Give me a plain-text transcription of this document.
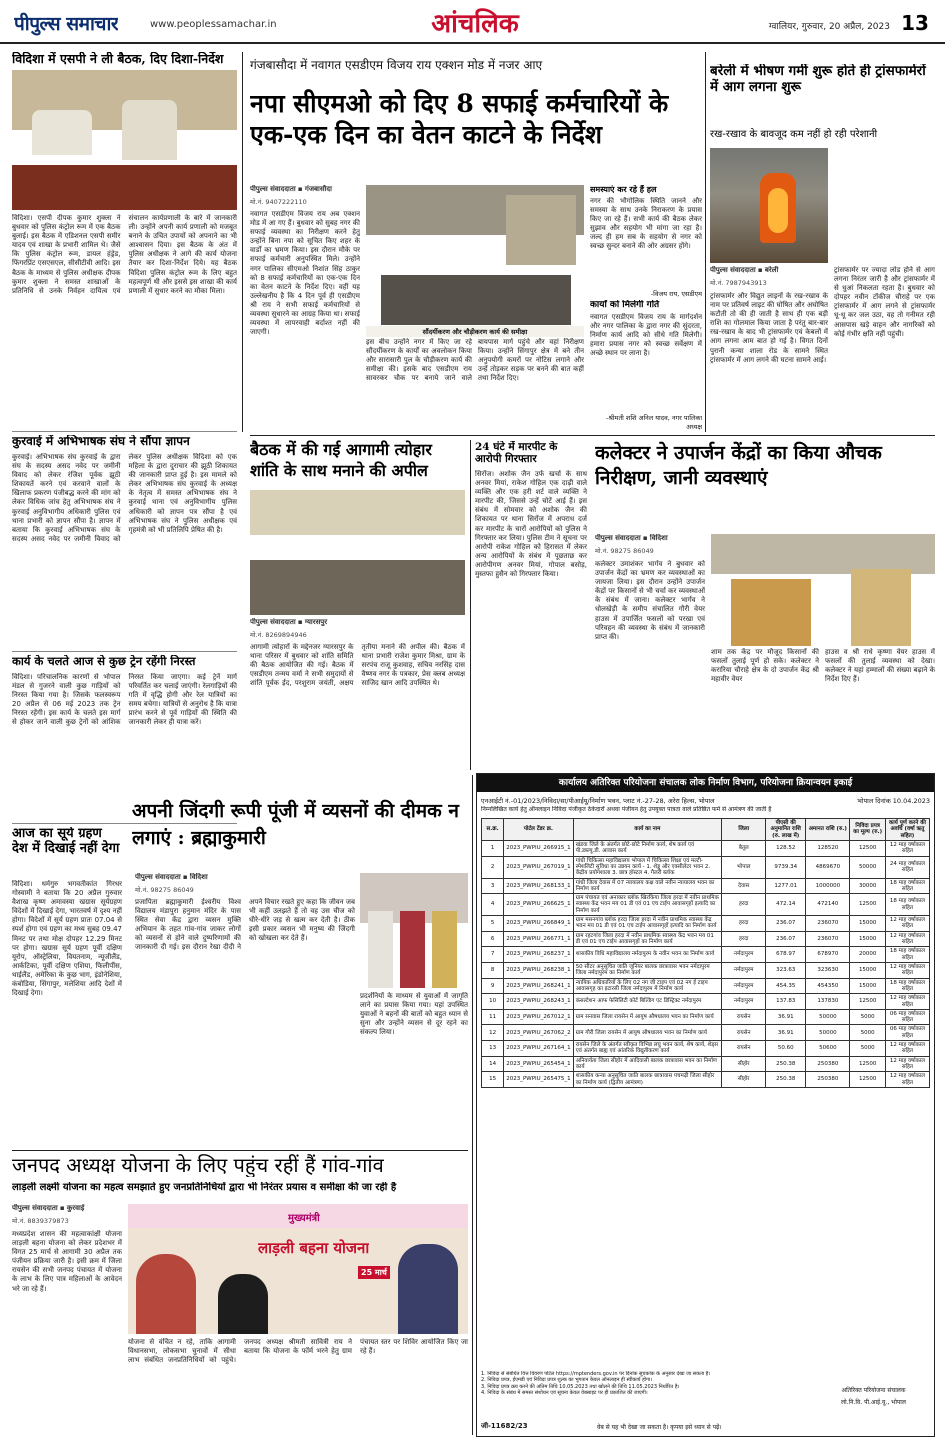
पीपुल्स समाचार	www.peoplessamachar.in	आंचलिक	ग्वालियर, गुरुवार, 20 अप्रैल, 2023 13
विदिशा में एसपी ने ली बैठक, दिए दिशा-निर्देश
विदिशा। एसपी दीपक कुमार शुक्ला ने बुधवार को पुलिस कंट्रोल रूम में एक बैठक बुलाई। इस बैठक में एडिशनल एसपी समीर यादव एवं शाखा के प्रभारी शामिल थे। जैसे कि पुलिस कंट्रोल रूम, डायल हंड्रेड, फिंगरप्रिंट एसएसएल, सीसीटीवी आदि। इस बैठक के माध्यम से पुलिस अधीक्षक दीपक कुमार शुक्ला ने समस्त शाखाओं के प्रतिनिधि से उनके निर्वहन दायित्व एवं संचालन कार्यप्रणाली के बारे में जानकारी ली। उन्होंने अपनी कार्य प्रणाली को मजबूत बनाने के उचित उपायों को अपनाने का भी आश्वासन दिया। इस बैठक के अंत में पुलिस अधीक्षक ने आगे की कार्य योजना तैयार कर दिशा-निर्देश दिये। यह बैठक विदिशा पुलिस कंट्रोल रूम के लिए बहुत महत्वपूर्ण थी और इससे इस शाखा की कार्य प्रणाली में सुधार करने का मौका मिला।
कुरवाई में अभिभाषक संघ ने सौंपा ज्ञापन
कुरवाई। अभिभाषक संघ कुरवाई के द्वारा संघ के सदस्य असद नवेद पर जमीनी विवाद को लेकर रंजिश पूर्वक झूठी शिकायतें करने एवं करवाने वालों के खिलाफ प्रकरण पंजीबद्ध करने की मांग को लेकर विधिक जांच हेतु अभिभाषक संघ ने कुरवाई अनुविभागीय अधिकारी पुलिस एवं थाना प्रभारी को ज्ञापन सौंपा है। ज्ञापन में बताया कि कुरवाई अभिभाषक संघ के सदस्य असद नवेद पर जमीनी विवाद को लेकर पुलिस अधीक्षक विदिशा को एक महिला के द्वारा दुराचार की झूठी शिकायत की जानकारी प्राप्त हुई है। इस मामले को लेकर अभिभाषक संघ कुरवाई के अध्यक्ष के नेतृत्व में समस्त अभिभाषक संघ ने कुरवाई थाना एवं अनुविभागीय पुलिस अधिकारी को ज्ञापन पत्र सौंपा है एवं अभिभाषक संघ ने पुलिस अधीक्षक एवं गृहमंत्री को भी प्रतिलिपि प्रेषित की है।
कार्य के चलते आज से कुछ ट्रेन रहेंगी निरस्त
विदिशा। परिचालनिक कारणों से भोपाल मंडल से गुजरने वाली कुछ गाड़ियों को निरस्त किया गया है। जिसके फलस्वरूप 20 अप्रैल से 06 मई 2023 तक ट्रेन निरस्त रहेंगी। इस कार्य के चलते इस मार्ग से होकर जाने वाली कुछ ट्रेनों को आंशिक निरस्त किया जाएगा। कई ट्रेनें मार्ग परिवर्तित कर चलाई जाएंगी। रेलगाड़ियों की गति में वृद्धि होगी और रेल यात्रियों का समय बचेगा। यात्रियों से अनुरोध है कि यात्रा प्रारंभ करने से पूर्व गाड़ियों की स्थिति की जानकारी लेकर ही यात्रा करें।
आज का सूर्य ग्रहण देश में दिखाई नहीं देगा
विदिशा। धर्मगुरु भगवतीकांत गिरधर गोस्वामी ने बताया कि 20 अप्रैल गुरुवार वैशाख कृष्ण अमावस्या खग्रास सूर्यग्रहण विदेशों में दिखाई देगा, भारतवर्ष में दृश्य नहीं होगा। विदेशों में सूर्य ग्रहण प्रातः 07.04 से स्पर्श होगा एवं ग्रहण का मध्य सुबह 09.47 मिनट पर तथा मोक्ष दोपहर 12.29 मिनट पर होगा। खग्रास सूर्य ग्रहण पूर्वी दक्षिण यूरोप, ऑस्ट्रेलिया, वियतनाम, न्यूजीलैंड, आर्कटिका, पूर्वी दक्षिण एशिया, फिलीपींस, थाईलैंड, अमेरिका के कुछ भाग, इंडोनेशिया, कंबोडिया, सिंगापुर, मलेशिया आदि देशों में दिखाई देगा।
गंजबासौदा में नवागत एसडीएम विजय राय एक्शन मोड में नजर आए
नपा सीएमओ को दिए 8 सफाई कर्मचारियों के एक-एक दिन का वेतन काटने के निर्देश
पीपुल्स संवाददाता ▪ गंजबासौदा
मो.नं. 9407222110
नवागत एसडीएम विजय राय अब एक्शन मोड में आ गए हैं। बुधवार को सुबह नगर की सफाई व्यवस्था का निरीक्षण करने हेतु उन्होंने बिना नपा को सूचित किए शहर के वार्डों का भ्रमण किया। इस दौरान मौके पर सफाई कर्मचारी अनुपस्थित मिले। उन्होंने नगर पालिका सीएमओ निशांत सिंह ठाकुर को 8 सफाई कर्मचारियों का एक-एक दिन का वेतन काटने के निर्देश दिए। वहीं यह उल्लेखनीय है कि 4 दिन पूर्व ही एसडीएम श्री राय ने सभी सफाई कर्मचारियों से व्यवस्था सुधारने का आग्रह किया था। सफाई व्यवस्था में लापरवाही बर्दाश्त नहीं की जाएगी।	सौंदर्यीकरण और चौड़ीकरण कार्य की समीक्षा
इस बीच उन्होंने नगर में किए जा रहे सौंदर्यीकरण के कार्यों का अवलोकन किया और सारासारी पुल के चौड़ीकरण कार्य की समीक्षा की। इसके बाद एसडीएम राय सावरकर चौक पर बनाये जाने वाले बायपास मार्ग पहुंचे और वहां निरीक्षण किया। उन्होंने सिंगापुर क्षेत्र में बने तीन अनुपयोगी कमरों पर नोटिस लगाने और उन्हें तोड़कर सड़क पर बनने की बात कहीं तथा निर्देश दिए।
समस्याएं कर रहे हैं हल
नगर की भौगोलिक स्थिति जानने और समस्या के साथ उनके निराकरण के प्रयास किए जा रहे हैं। सभी कार्य की बैठक लेकर सुझाव और सहयोग भी मांगा जा रहा है। जल्द ही हम सब के सहयोग से नगर को स्वच्छ सुन्दर बनाने की ओर अग्रसर होंगे।
-विजय राय, एसडीएम
कार्यों को मिलेगी गति
नवागत एसडीएम विजय राय के मार्गदर्शन और नगर पालिका के द्वारा नगर की सुंदरता, निर्माण कार्य आदि को सीधे गति मिलेगी। हमारा प्रयास नगर को स्वच्छ सर्वेक्षण में अच्छे स्थान पर लाना है।
-श्रीमती शशि अनिल यादव, नगर पालिका अध्यक्ष
बरेली में भीषण गर्मी शुरू होते ही ट्रांसफार्मरों में आग लगना शुरू
रख-रखाव के बावजूद कम नहीं हो रही परेशानी
पीपुल्स संवाददाता ▪ बरेली
मो.नं. 7987943913
ट्रांसफार्मर और विद्युत लाइनों के रख-रखाव के नाम पर प्रतिवर्ष लाइट की घोषित और अघोषित कटौती तो की ही जाती है साथ ही एक बड़ी राशि का गोलमाल किया जाता है परंतु बार-बार रख-रखाव के बाद भी ट्रांसफार्मर एवं केबलों में आग लगना आम बात हो गई है। विगत दिनों पुरानी कन्या शाला रोड के सामने स्थित ट्रांसफार्मर में आग लगने की घटना सामने आई।
ट्रांसफार्मर पर ज्यादा लोड होने से आग लगना निरंतर जारी है और ट्रांसफार्मर में से धुआं निकलता रहता है। बुधवार को दोपहर नवीन टॉकीज चौराहे पर एक ट्रांसफार्मर में आग लगने से ट्रांसफार्मर धू-धू कर जल उठा, वह तो गनीमत रही आसपास खड़े वाहन और नागरिकों को कोई गंभीर क्षति नहीं पहुंची।
बैठक में की गई आगामी त्योहार शांति के साथ मनाने की अपील
पीपुल्स संवाददाता ▪ ग्यारसपुर
मो.नं. 8269894946
आगामी त्योहारों के मद्देनजर ग्यारसपुर के थाना परिसर में बुधवार को शांति समिति की बैठक आयोजित की गई। बैठक में एसडीएम तन्मय वर्मा ने सभी समुदायों से शांति पूर्वक ईद, परशुराम जयंती, अक्षय तृतीया मनाने की अपील की। बैठक में थाना प्रभारी राजेश कुमार मिश्रा, ग्राम के सरपंच राजू कुशवाह, सचिव नरसिंह दास वैष्णव नगर के पत्रकार, प्रेस क्लब अध्यक्ष साजिद खान आदि उपस्थित थे।
24 घंटे में मारपीट के आरोपी गिरफ्तार
सिरोंज। अशोक जैन उर्फ खर्चा के साथ अनवर मियां, राकेश गोहिल एक दाढ़ी वाले व्यक्ति और एक हरी शर्ट वाले व्यक्ति ने मारपीट की, जिससे उन्हें चोटें आई हैं। इस संबंध में सोमवार को अशोक जैन की शिकायत पर थाना सिरोंज में अपराध दर्ज कर मारपीट के चारों आरोपियों को पुलिस ने गिरफ्तार कर लिया। पुलिस टीम ने सूचना पर आरोपी राकेश गोहिल को हिरासत में लेकर अन्य आरोपियों के संबंध में पूछताछ कर आरोपीगण अनवर मियां, गोपाल बसोड़, मुस्तफा हुसैन को गिरफ्तार किया।
कलेक्टर ने उपार्जन केंद्रों का किया औचक निरीक्षण, जानी व्यवस्थाएं
पीपुल्स संवाददाता ▪ विदिशा
मो.नं. 98275 86049
कलेक्टर उमाशंकर भार्गव ने बुधवार को उपार्जन केंद्रों का भ्रमण कर व्यवस्थाओं का जायजा लिया। इस दौरान उन्होंने उपार्जन केंद्रों पर किसानों से भी चर्चा कर व्यवस्थाओं के संबंध में जाना। कलेक्टर भार्गव ने धोलखेड़ी के समीप संचालित गौरी वेयर हाउस में उपार्जित फसलों को परखा एवं परिवहन की व्यवस्था के संबंध में जानकारी प्राप्त की।
शाम तक केंद्र पर मौजूद किसानों की फसलों तुलाई पूर्ण हो सके। कलेक्टर ने करारिया चौराहे क्षेत्र के दो उपार्जन केंद्र श्री महावीर वेयर
हाउस व श्री राधे कृष्णा वेयर हाउस में फसलों की तुलाई व्यवस्था को देखा। कलेक्टर ने यहां हम्मालों की संख्या बढ़ाने के निर्देश दिए हैं।
अपनी जिंदगी रूपी पूंजी में व्यसनों की दीमक न लगाएं : ब्रह्माकुमारी
पीपुल्स संवाददाता ▪ विदिशा
मो.नं. 98275 86049
प्रजापिता ब्रह्माकुमारी ईश्वरीय विश्व विद्यालय मंडापुरा हनुमान मंदिर के पास स्थित सेवा केंद्र द्वारा व्यसन मुक्ति अभियान के तहत गांव-गांव जाकर लोगों को व्यसनों से होने वाले दुष्परिणामों की जानकारी दी गई। इस दौरान रेखा दीदी ने अपने विचार रखते हुए कहा कि जीवन जब भी कहीं उलझते हैं तो वह उस चीज को धीरे-धीरे जड़ से खत्म कर देती है। ठीक इसी प्रकार व्यसन भी मनुष्य की जिंदगी को खोखला कर देते हैं।
प्रदर्शनियों के माध्यम से युवाओं में जागृति लाने का प्रयास किया गया। यहां उपस्थित युवाओं ने बहनों की बातों को बहुत ध्यान से सुना और उन्होंने व्यसन से दूर रहने का संकल्प लिया।
जनपद अध्यक्ष योजना के लिए पहुंच रहीं हैं गांव-गांव
लाड़ली लक्ष्मी योजना का महत्व समझाते हुए जनप्रतिनिधियों द्वारा भी निरंतर प्रयास व समीक्षा की जा रही है
पीपुल्स संवाददाता ▪ कुरवाई
मो.नं. 8839379873
मध्यप्रदेश शासन की महत्वाकांक्षी योजना लाड़ली बहना योजना को लेकर प्रदेशभर में विगत 25 मार्च से आगामी 30 अप्रैल तक पंजीयन प्रक्रिया जारी है। इसी क्रम में जिला रायसेन की सभी जनपद पंचायत में योजना के लाभ के लिए पात्र महिलाओं के आवेदन भरे जा रहे हैं।
मुख्यमंत्री
लाड़ली बहना योजना
25 मार्च
योजना से वंचित न रहे, ताकि आगामी विधानसभा, लोकसभा चुनावों में सीधा लाभ संबंधित जनप्रतिनिधियों को पहुंचे। जनपद अध्यक्ष श्रीमती सावित्री राय ने बताया कि योजना के फॉर्म भरने हेतु ग्राम पंचायत स्तर पर शिविर आयोजित किए जा रहे हैं।
कार्यालय अतिरिक्त परियोजना संचालक लोक निर्माण विभाग, परियोजना क्रियान्वयन इकाई
एनआईटी नं.-01/2023/निविदा/सा/पीआईयू/निर्माण भवन, प्लाट नं.-27-28, अरेरा हिल्स, भोपाल	भोपाल दिनांक 10.04.2023
निम्नलिखित कार्य हेतु ऑनलाइन निविदा पंजीकृत ठेकेदारों अथवा पंजीयन हेतु उपयुक्त पात्रता वाले प्रतिष्ठित फर्म से आमंत्रण की जाती है
स.क्र.	पोर्टल टेंडर क्र.	कार्य का नाम	जिला	पीएसी की अनुमानित राशि (रु. लाख में)	अमानत राशि (रु.)	निविदा प्रपत्र का मूल्य (रु.)	कार्य पूर्ण करने की अवधि (वर्षा ऋतु सहित)
1	2023_PWPIU_266915_1	खंडवा जिले के अंतर्गत छोटे-छोटे निर्माण कार्य, शेष कार्य एवं पी.डब्ल्यू.डी. आवास कार्य	बैतूल	128.52	128520	12500	12 माह वर्षाकाल सहित
2	2023_PWPIU_267019_1	गांधी चिकित्सा महाविद्यालय भोपाल में चिकित्सा शिक्षा एवं मल्टी-स्पेशलिटी सुविधा का उन्नयन कार्य - 1. शेड्ड और एक्सीलेटर भवन 2. केंद्रीय प्रयोगशाला 3. छात्र हॉस्टल 4. गैलरी ब्लॉक	भोपाल	9739.34	4869670	50000	24 माह वर्षाकाल सहित
3	2023_PWPIU_268133_1	गांधी जिला देवास में 07 न्यायालय कक्ष वाले नवीन न्यायालय भवन का निर्माण कार्य	देवास	1277.01	1000000	30000	18 माह वर्षाकाल सहित
4	2023_PWPIU_266625_1	ग्राम पंचायत एवं अनाकार ब्लॉक खिरकिया जिला हरदा में नवीन प्राथमिक स्वास्थ्य केंद्र भवन मय 01 डी एवं 01 एच टाईप आवासगृहों इत्यादि का निर्माण कार्य	हरदा	472.14	472140	12500	18 माह वर्षाकाल सहित
5	2023_PWPIU_266849_1	ग्राम मसनगांव ब्लॉक हरदा जिला हरदा में नवीन प्राथमिक स्वास्थ्य केंद्र भवन मय 01 डी एवं 01 एच टाईप आवासगृहों इत्यादि का निर्माण कार्य	हरदा	236.07	236070	15000	12 माह वर्षाकाल सहित
6	2023_PWPIU_266771_1	ग्राम रहटगांव जिला हरदा में नवीन प्राथमिक स्वास्थ्य केंद्र भवन मय 01 डी एवं 01 एच टाईप आवासगृहों का निर्माण कार्य	हरदा	236.07	236070	15000	12 माह वर्षाकाल सहित
7	2023_PWPIU_268237_1	शासकीय विधि महाविद्यालय नर्मदापुरम के नवीन भवन का निर्माण कार्य	नर्मदापुरम	678.97	678970	20000	18 माह वर्षाकाल सहित
8	2023_PWPIU_268238_1	50 सीटर अनुसूचित जाति जूनियर बालक छात्रावास भवन नर्मदापुरम जिला नर्मदापुरम का निर्माण कार्य	नर्मदापुरम	323.63	323630	15000	12 माह वर्षाकाल सहित
9	2023_PWPIU_268241_1	न्यायिक अधिकारियों के लिए 02 नग जी टाइप एवं 02 नग ई टाइप आवासगृह का इटारसी जिला नर्मदापुरम में निर्माण कार्य	नर्मदापुरम	454.35	454350	15000	18 माह वर्षाकाल सहित
10	2023_PWPIU_268243_1	कंसल्टेशन आफ फेसिलिटी कोर्ट बिल्डिंग एट डिस्ट्रिक्ट नर्मदापुरम	नर्मदापुरम	137.83	137830	12500	12 माह वर्षाकाल सहित
11	2023_PWPIU_267012_1	ग्राम सनवास जिला रायसेन में आयुष औषधालय भवन का निर्माण कार्य	रायसेन	36.91	50000	5000	06 माह वर्षाकाल सहित
12	2023_PWPIU_267062_2	ग्राम गौरी जिला रायसेन में आयुष औषधालय भवन का निर्माण कार्य	रायसेन	36.91	50000	5000	06 माह वर्षाकाल सहित
13	2023_PWPIU_267164_1	रायसेन जिले के अंतर्गत स्वीकृत विभिन्न लघु भवन कार्य, शेष कार्य, शेड्स एवं अंतर्गत बाह्य एवं आंतरिक विद्युतीकरण कार्य	रायसेन	50.60	50600	5000	12 माह वर्षाकाल सहित
14	2023_PWPIU_265454_1	अनिवार्यता जिला सीहोर में आदिवासी बालक छात्रावास भवन का निर्माण कार्य	सीहोर	250.38	250380	12500	12 माह वर्षाकाल सहित
15	2023_PWPIU_265475_1	शासकीय कन्या अनुसूचित जाति बालक छात्रावास पचमढ़ी जिला सीहोर का निर्माण कार्य (द्वितीय आमंत्रण)	सीहोर	250.38	250380	12500	12 माह वर्षाकाल सहित
1. निविदा से संबंधित वित्त विवरण पोर्टल https://mptenders.gov.in पर दिनांक सूचकांक के अनुसार देखा जा सकता है।
2. निविदा प्रपत्र, ईएमडी एवं निविदा प्रपत्र शुल्क का भुगतान केवल ऑनलाइन ही स्वीकार्य होगा।
3. निविदा प्रपत्र क्रय करने की अंतिम तिथि 10.05.2023 तथा खोलने की तिथि 11.05.2023 निर्धारित है।
4. निविदा के संबंध में समस्त संशोधन एवं सूचना केवल वेबसाइट पर ही प्रकाशित की जाएगी।	अतिरिक्त परियोजना संचालक
लो.नि.वि. पी.आई.यू., भोपाल
जी-11682/23	वेब से यह भी देखा जा सकता है। कृपया इसे ध्यान से पढ़ें।
